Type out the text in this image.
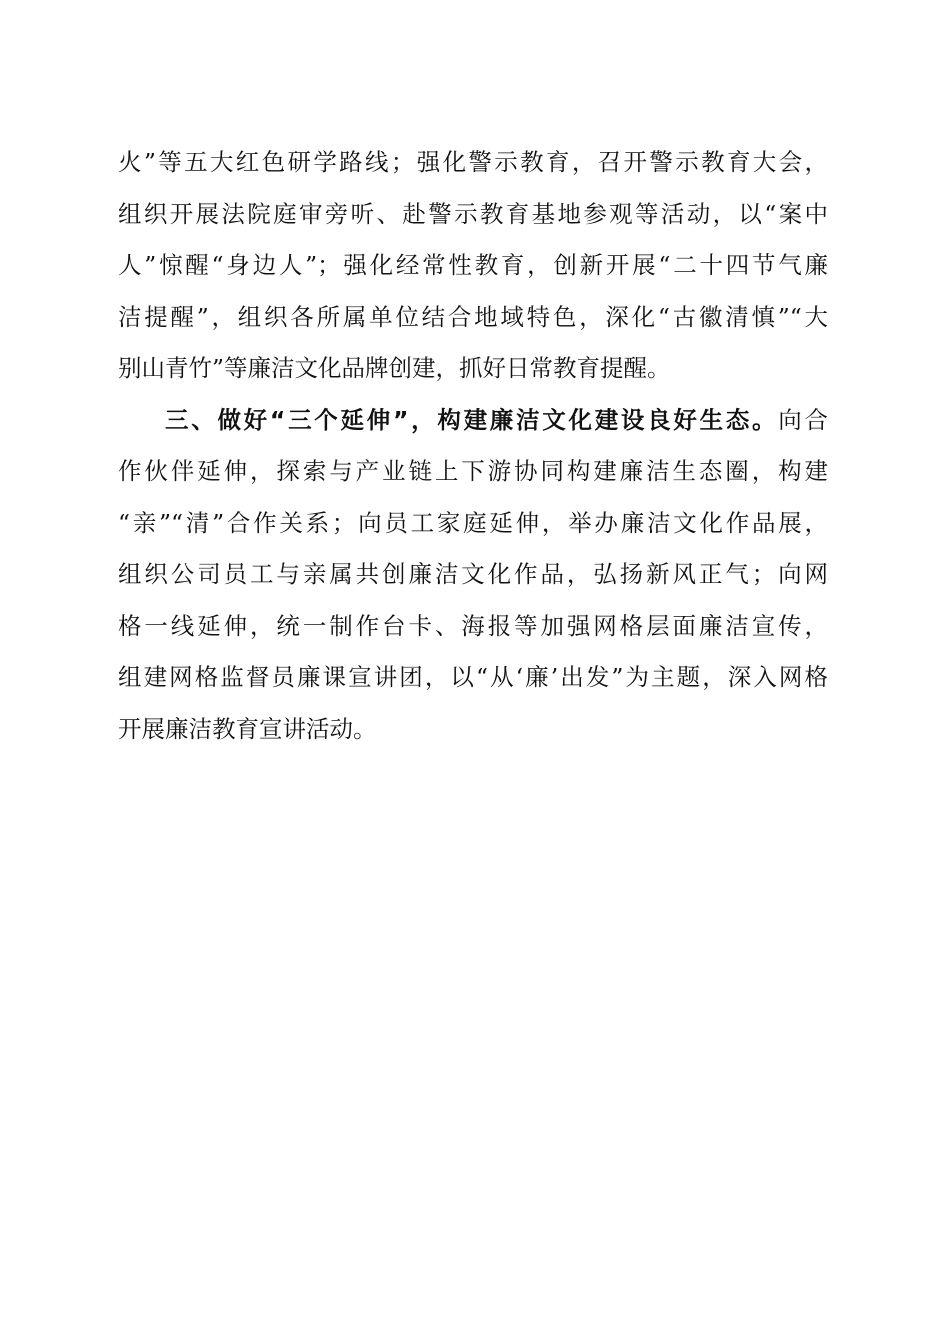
火”等五大红色研学路线；强化警示教育，召开警示教育大会，
组织开展法院庭审旁听、赴警示教育基地参观等活动，以“案中
人”惊醒“身边人”；强化经常性教育，创新开展“二十四节气廉
洁提醒”，组织各所属单位结合地域特色，深化“古徽清慎”“大
别山青竹”等廉洁文化品牌创建，抓好日常教育提醒。
三、做好“三个延伸”，构建廉洁文化建设良好生态。向合
作伙伴延伸，探索与产业链上下游协同构建廉洁生态圈，构建
“亲”“清”合作关系；向员工家庭延伸，举办廉洁文化作品展，
组织公司员工与亲属共创廉洁文化作品，弘扬新风正气；向网
格一线延伸，统一制作台卡、海报等加强网格层面廉洁宣传，
组建网格监督员廉课宣讲团，以“从‘廉’出发”为主题，深入网格
开展廉洁教育宣讲活动。
